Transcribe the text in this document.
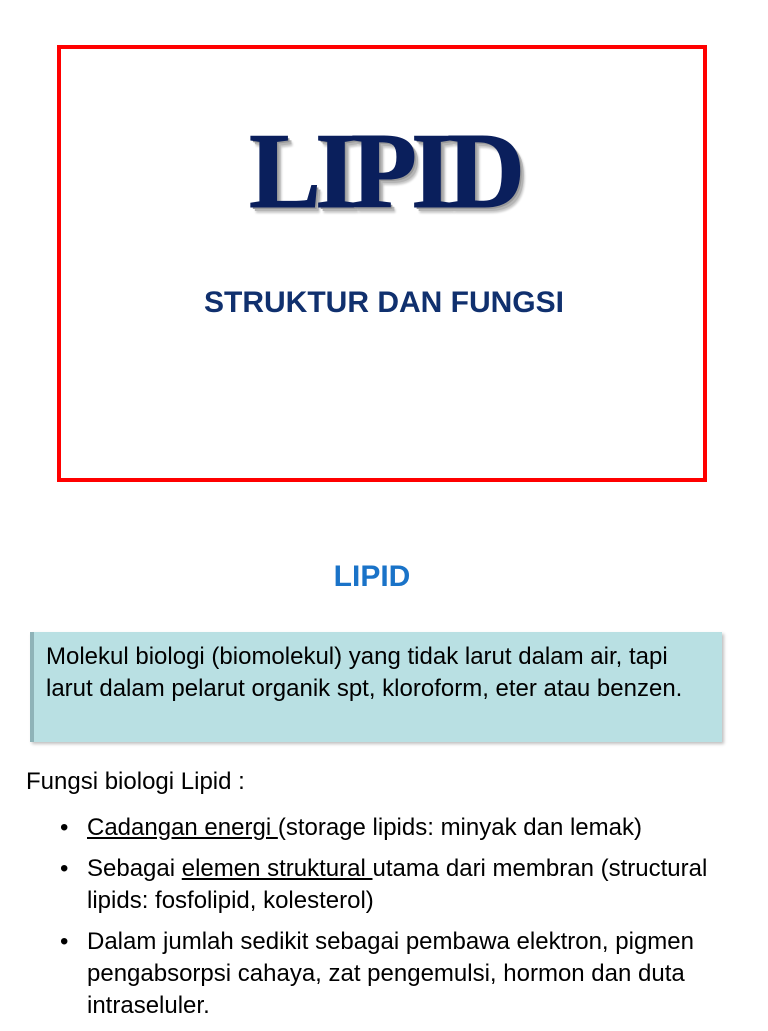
LIPID
STRUKTUR DAN FUNGSI
LIPID
Molekul biologi (biomolekul) yang tidak larut dalam air, tapi larut dalam pelarut organik spt, kloroform, eter atau benzen.
Fungsi biologi Lipid :
• Cadangan energi (storage lipids: minyak dan lemak)
• Sebagai elemen struktural utama dari membran (structural lipids: fosfolipid, kolesterol)
• Dalam jumlah sedikit sebagai pembawa elektron, pigmen pengabsorpsi cahaya, zat pengemulsi, hormon dan duta intraseluler.
